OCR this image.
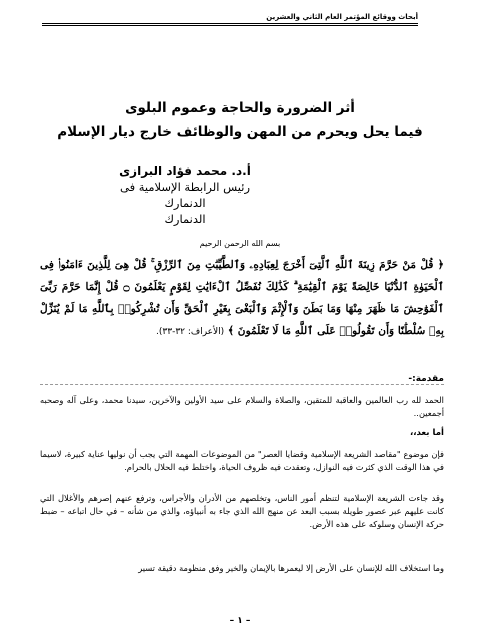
أبحاث ووقائع المؤتمر العام الثاني والعشرين
أثر الضرورة والحاجة وعموم البلوى
فيما يحل ويحرم من المهن والوظائف خارج ديار الإسلام
أ.د. محمد فؤاد البرازى
رئيس الرابطة الإسلامية فى الدنمارك
الدنمارك
بسم الله الرحمن الرحيم
﴿ قُلْ مَنْ حَرَّمَ زِينَةَ ٱللَّهِ ٱلَّتِىٓ أَخْرَجَ لِعِبَادِهِۦ وَٱلطَّيِّبَٰتِ مِنَ ٱلرِّزْقِ ۚ قُلْ هِىَ لِلَّذِينَ ءَامَنُوا۟ فِى ٱلْحَيَوٰةِ ٱلدُّنْيَا خَالِصَةً يَوْمَ ٱلْقِيَٰمَةِ ۗ كَذَٰلِكَ نُفَصِّلُ ٱلْءَايَٰتِ لِقَوْمٍ يَعْلَمُونَ ۝ قُلْ إِنَّمَا حَرَّمَ رَبِّىَ ٱلْفَوَٰحِشَ مَا ظَهَرَ مِنْهَا وَمَا بَطَنَ وَٱلْإِثْمَ وَٱلْبَغْىَ بِغَيْرِ ٱلْحَقِّ وَأَن تُشْرِكُوا۟ بِٱللَّهِ مَا لَمْ يُنَزِّلْ بِهِۦ سُلْطَٰنًا وَأَن تَقُولُوا۟ عَلَى ٱللَّهِ مَا لَا تَعْلَمُونَ ﴾ (الأعراف: ٣٢-٣٣).
مقدمة:-
الحمد لله رب العالمين والعاقبة للمتقين، والصلاة والسلام على سيد الأولين والآخرين، سيدنا محمد، وعلى آله وصحبه أجمعين..
أما بعد،،
فإن موضوع "مقاصد الشريعة الإسلامية وقضايا العصر" من الموضوعات المهمة التي يجب أن نوليها عناية كبيرة، لاسيما في هذا الوقت الذي كثرت فيه النوازل، وتعقدت فيه ظروف الحياة، واختلط فيه الحلال بالحرام.
وقد جاءت الشريعة الإسلامية لتنظم أمور الناس، وتخلصهم من الأدران والأجراس، وترفع عنهم إصرهم والأغلال التي كانت عليهم عبر عصور طويلة بسبب البعد عن منهج الله الذي جاء به أنبياؤه، والذي من شأنه – في حال اتباعه – ضبط حركة الإنسان وسلوكه على هذه الأرض.
وما استخلاف الله للإنسان على الأرض إلا ليعمرها بالإيمان والخير وفق منظومة دقيقة تسير
– ١ –
